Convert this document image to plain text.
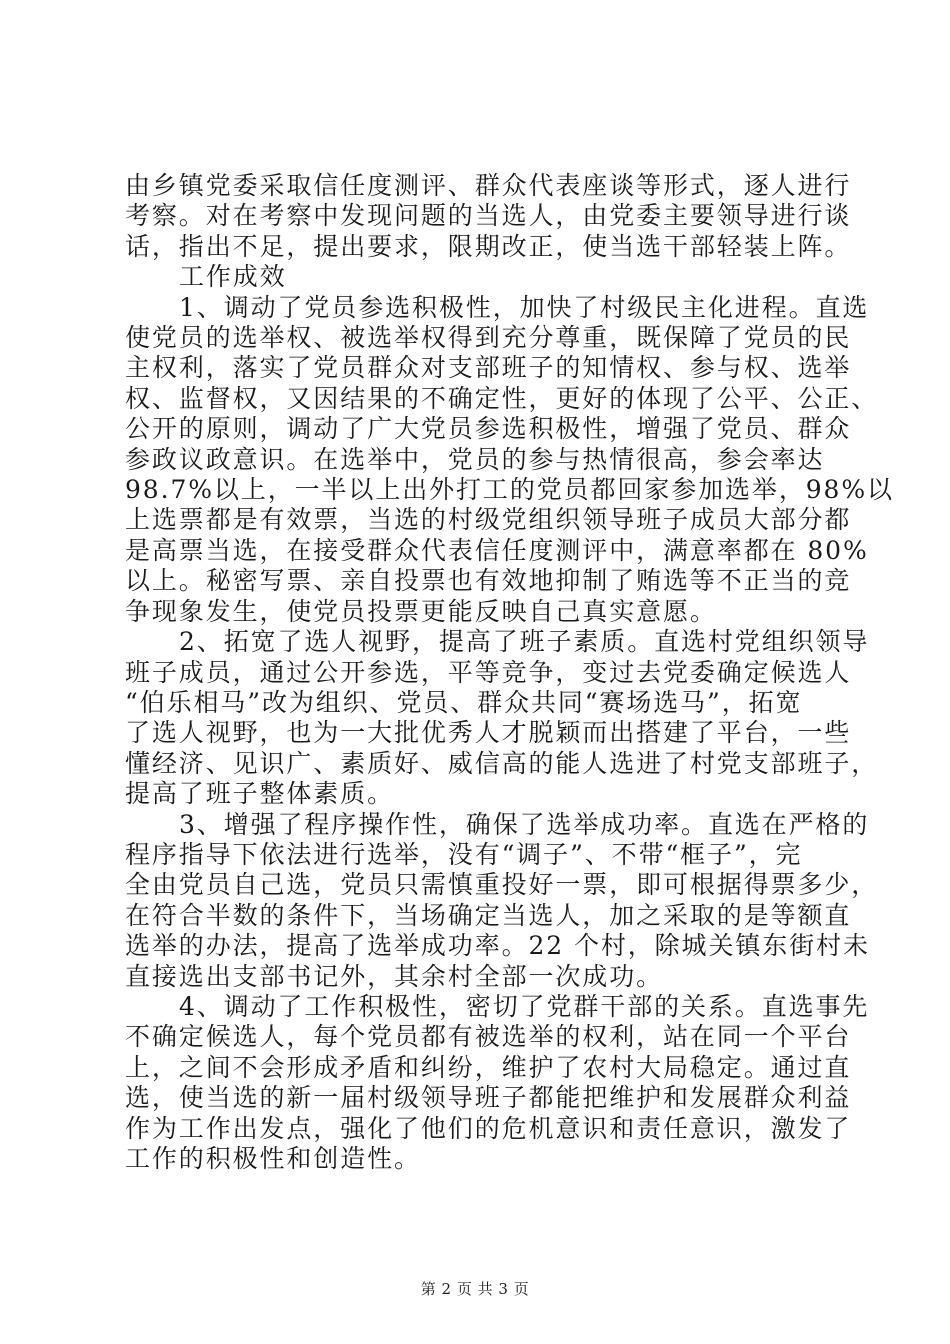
由乡镇党委采取信任度测评、群众代表座谈等形式，逐人进行
考察。对在考察中发现问题的当选人，由党委主要领导进行谈
话，指出不足，提出要求，限期改正，使当选干部轻装上阵。
工作成效
1、调动了党员参选积极性，加快了村级民主化进程。直选
使党员的选举权、被选举权得到充分尊重，既保障了党员的民
主权利，落实了党员群众对支部班子的知情权、参与权、选举
权、监督权，又因结果的不确定性，更好的体现了公平、公正、
公开的原则，调动了广大党员参选积极性，增强了党员、群众
参政议政意识。在选举中，党员的参与热情很高，参会率达
98.7%以上，一半以上出外打工的党员都回家参加选举，98%以
上选票都是有效票，当选的村级党组织领导班子成员大部分都
是高票当选，在接受群众代表信任度测评中，满意率都在 80%
以上。秘密写票、亲自投票也有效地抑制了贿选等不正当的竞
争现象发生，使党员投票更能反映自己真实意愿。
2、拓宽了选人视野，提高了班子素质。直选村党组织领导
班子成员，通过公开参选，平等竞争，变过去党委确定候选人
“伯乐相马”改为组织、党员、群众共同“赛场选马”，拓宽
了选人视野，也为一大批优秀人才脱颖而出搭建了平台，一些
懂经济、见识广、素质好、威信高的能人选进了村党支部班子，
提高了班子整体素质。
3、增强了程序操作性，确保了选举成功率。直选在严格的
程序指导下依法进行选举，没有“调子”、不带“框子”，完
全由党员自己选，党员只需慎重投好一票，即可根据得票多少，
在符合半数的条件下，当场确定当选人，加之采取的是等额直
选举的办法，提高了选举成功率。22 个村，除城关镇东街村未
直接选出支部书记外，其余村全部一次成功。
4、调动了工作积极性，密切了党群干部的关系。直选事先
不确定候选人，每个党员都有被选举的权利，站在同一个平台
上，之间不会形成矛盾和纠纷，维护了农村大局稳定。通过直
选，使当选的新一届村级领导班子都能把维护和发展群众利益
作为工作出发点，强化了他们的危机意识和责任意识，激发了
工作的积极性和创造性。
第 2 页 共 3 页
